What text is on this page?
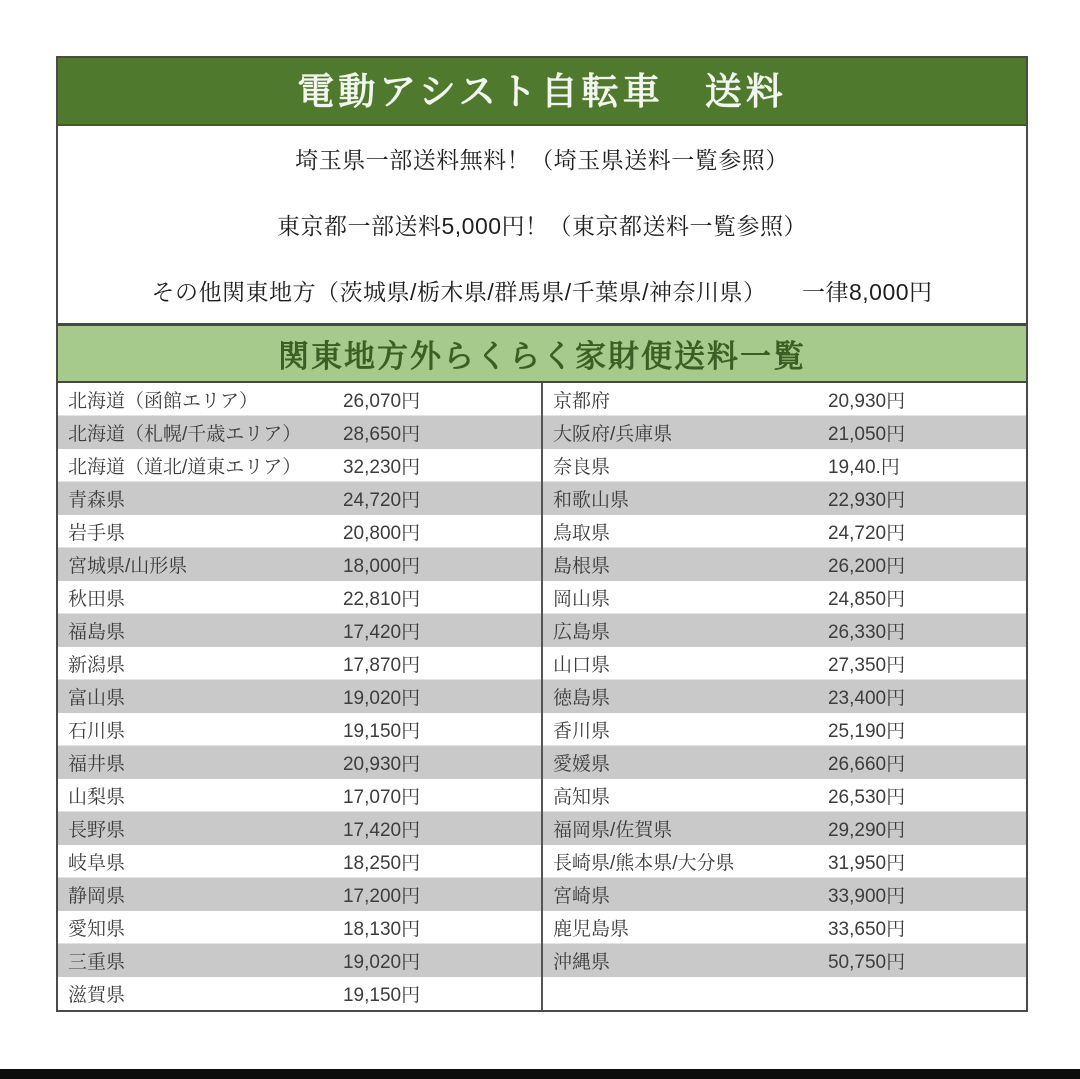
電動アシスト自転車　送料
埼玉県一部送料無料！（埼玉県送料一覧参照）
東京都一部送料5,000円！（東京都送料一覧参照）
その他関東地方（茨城県/栃木県/群馬県/千葉県/神奈川県）　　一律8,000円
関東地方外らくらく家財便送料一覧
北海道（函館エリア）	26,070円
北海道（札幌/千歳エリア）	28,650円
北海道（道北/道東エリア）	32,230円
青森県	24,720円
岩手県	20,800円
宮城県/山形県	18,000円
秋田県	22,810円
福島県	17,420円
新潟県	17,870円
富山県	19,020円
石川県	19,150円
福井県	20,930円
山梨県	17,070円
長野県	17,420円
岐阜県	18,250円
静岡県	17,200円
愛知県	18,130円
三重県	19,020円
滋賀県	19,150円
京都府	20,930円
大阪府/兵庫県	21,050円
奈良県	19,40.円
和歌山県	22,930円
鳥取県	24,720円
島根県	26,200円
岡山県	24,850円
広島県	26,330円
山口県	27,350円
徳島県	23,400円
香川県	25,190円
愛媛県	26,660円
高知県	26,530円
福岡県/佐賀県	29,290円
長崎県/熊本県/大分県	31,950円
宮崎県	33,900円
鹿児島県	33,650円
沖縄県	50,750円
